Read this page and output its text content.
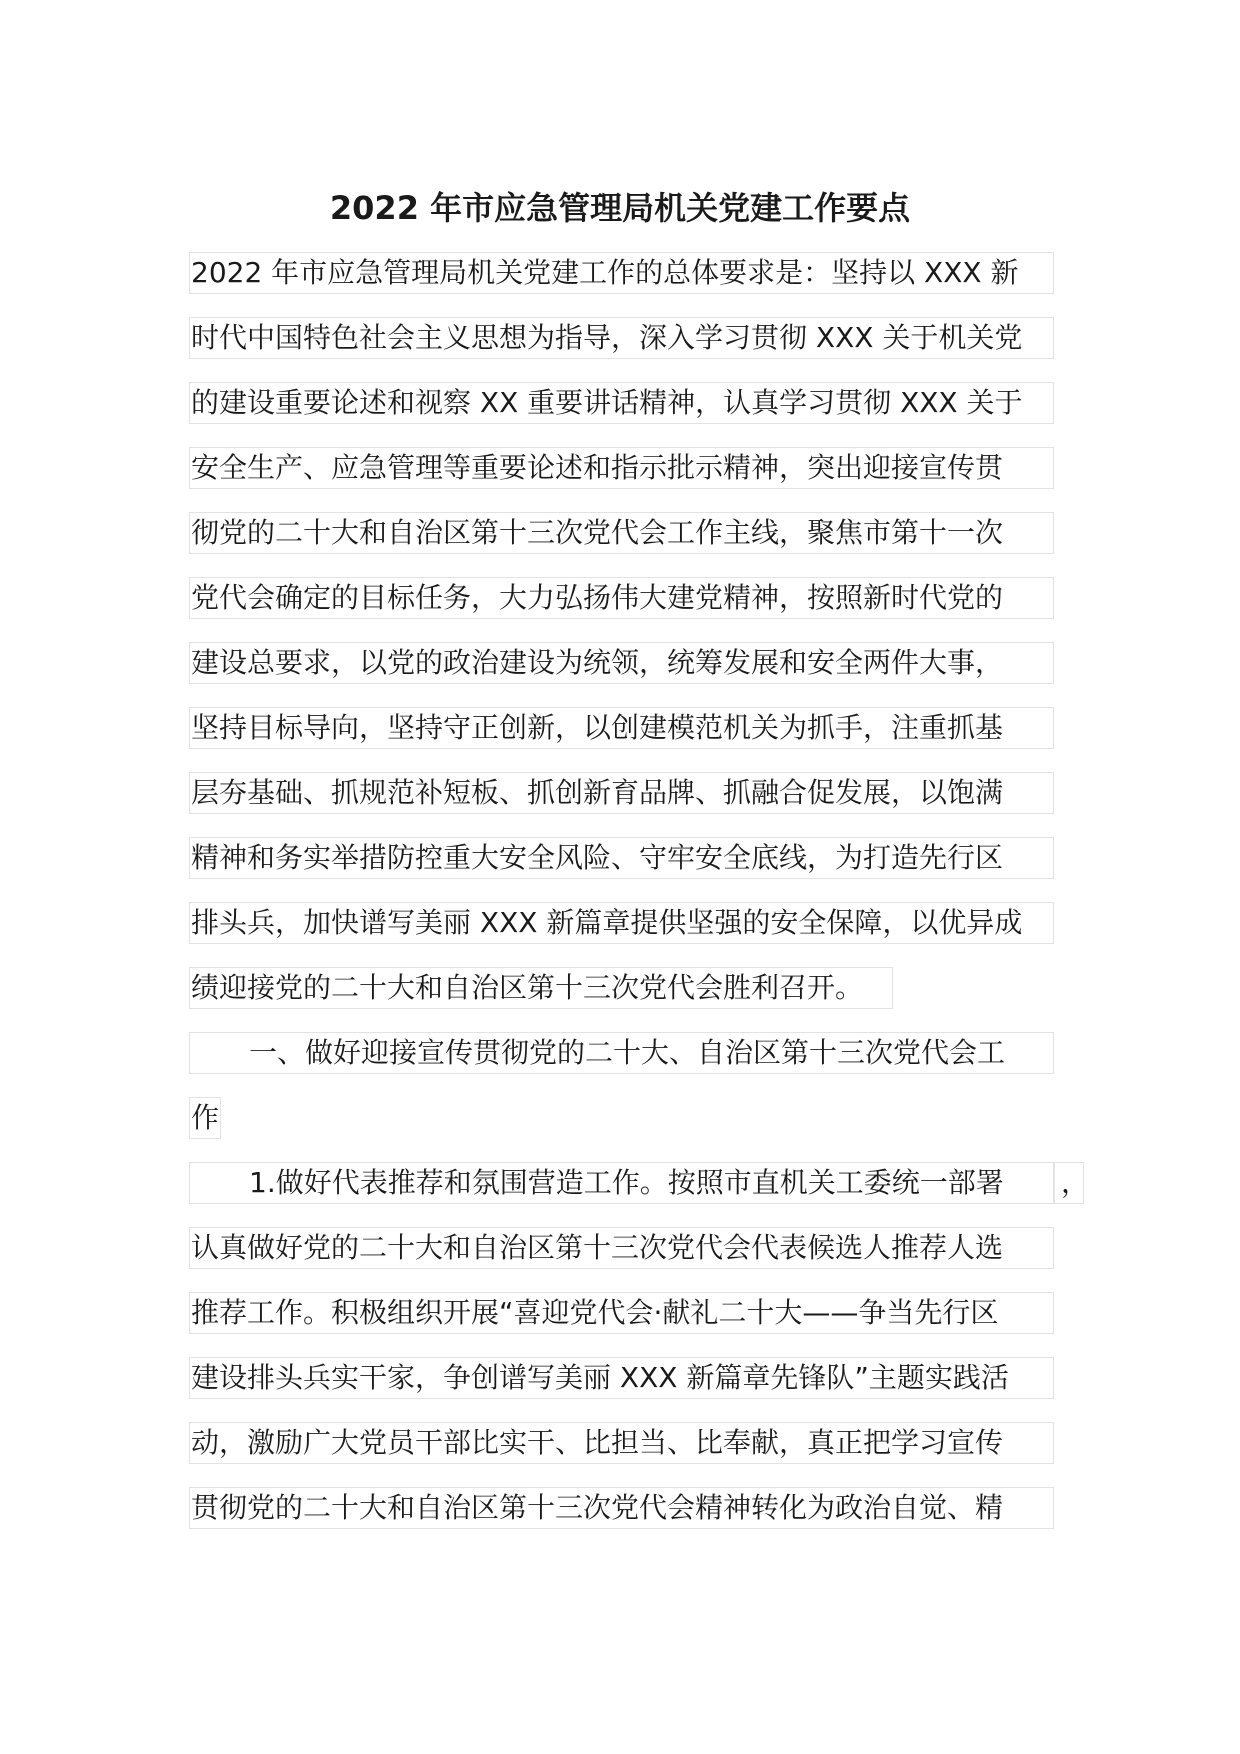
2022 年市应急管理局机关党建工作要点
2022 年市应急管理局机关党建工作的总体要求是：坚持以 XXX 新
时代中国特色社会主义思想为指导，深入学习贯彻 XXX 关于机关党
的建设重要论述和视察 XX 重要讲话精神，认真学习贯彻 XXX 关于
安全生产、应急管理等重要论述和指示批示精神，突出迎接宣传贯
彻党的二十大和自治区第十三次党代会工作主线，聚焦市第十一次
党代会确定的目标任务，大力弘扬伟大建党精神，按照新时代党的
建设总要求，以党的政治建设为统领，统筹发展和安全两件大事，
坚持目标导向，坚持守正创新，以创建模范机关为抓手，注重抓基
层夯基础、抓规范补短板、抓创新育品牌、抓融合促发展，以饱满
精神和务实举措防控重大安全风险、守牢安全底线，为打造先行区
排头兵，加快谱写美丽 XXX 新篇章提供坚强的安全保障，以优异成
绩迎接党的二十大和自治区第十三次党代会胜利召开。
一、做好迎接宣传贯彻党的二十大、自治区第十三次党代会工
作
1.做好代表推荐和氛围营造工作。按照市直机关工委统一部署	，
认真做好党的二十大和自治区第十三次党代会代表候选人推荐人选
推荐工作。积极组织开展“喜迎党代会·献礼二十大——争当先行区
建设排头兵实干家，争创谱写美丽 XXX 新篇章先锋队”主题实践活
动，激励广大党员干部比实干、比担当、比奉献，真正把学习宣传
贯彻党的二十大和自治区第十三次党代会精神转化为政治自觉、精
